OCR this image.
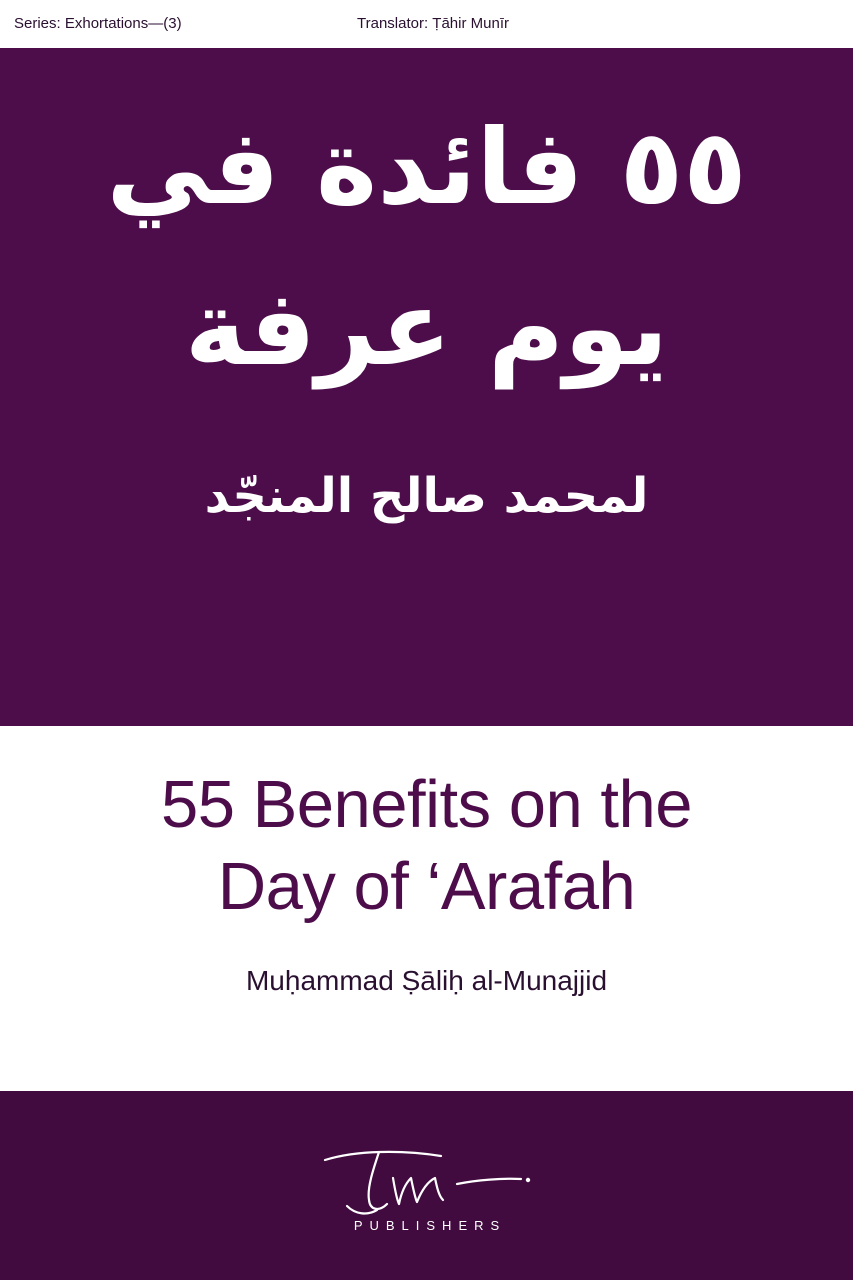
Series: Exhortations—(3)	Translator: Ṭāhir Munīr
٥٥ فائدة في
يوم عرفة
لمحمد صالح المنجّد
55 Benefits on the
Day of ‘Arafah
Muḥammad Ṣāliḥ al-Munajjid
PUBLISHERS
